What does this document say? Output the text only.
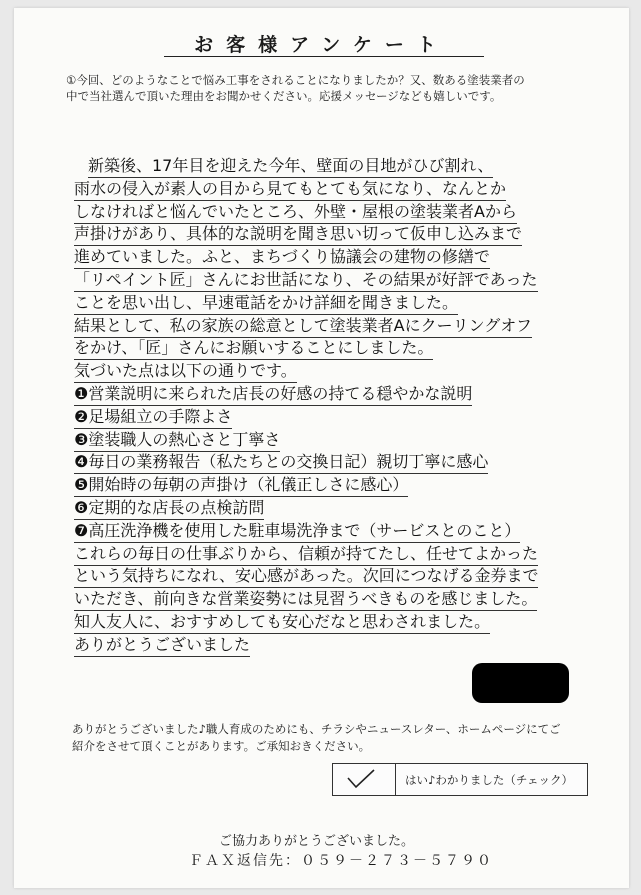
お客様アンケート
①今回、どのようなことで悩み工事をされることになりましたか？又、数ある塗装業者の
中で当社選んで頂いた理由をお聞かせください。応援メッセージなども嬉しいです。
新築後、17年目を迎えた今年、壁面の目地がひび割れ、
雨水の侵入が素人の目から見てもとても気になり、なんとか
しなければと悩んでいたところ、外壁・屋根の塗装業者Aから
声掛けがあり、具体的な説明を聞き思い切って仮申し込みまで
進めていました。ふと、まちづくり協議会の建物の修繕で
「リペイント匠」さんにお世話になり、その結果が好評であった
ことを思い出し、早速電話をかけ詳細を聞きました。
結果として、私の家族の総意として塗装業者Aにクーリングオフ
をかけ、「匠」さんにお願いすることにしました。
気づいた点は以下の通りです。
❶営業説明に来られた店長の好感の持てる穏やかな説明
❷足場組立の手際よさ
❸塗装職人の熱心さと丁寧さ
❹毎日の業務報告（私たちとの交換日記）親切丁寧に感心
❺開始時の毎朝の声掛け（礼儀正しさに感心）
❻定期的な店長の点検訪問
❼高圧洗浄機を使用した駐車場洗浄まで（サービスとのこと）
これらの毎日の仕事ぶりから、信頼が持てたし、任せてよかった
という気持ちになれ、安心感があった。次回につなげる金券まで
いただき、前向きな営業姿勢には見習うべきものを感じました。
知人友人に、おすすめしても安心だなと思わされました。
ありがとうございました
ありがとうございました♪職人育成のためにも、チラシやニュースレター、ホームページにてご
紹介をさせて頂くことがあります。ご承知おきください。
はい♪わかりました（チェック）
ご協力ありがとうございました。
ＦＡＸ返信先：０５９－２７３－５７９０
